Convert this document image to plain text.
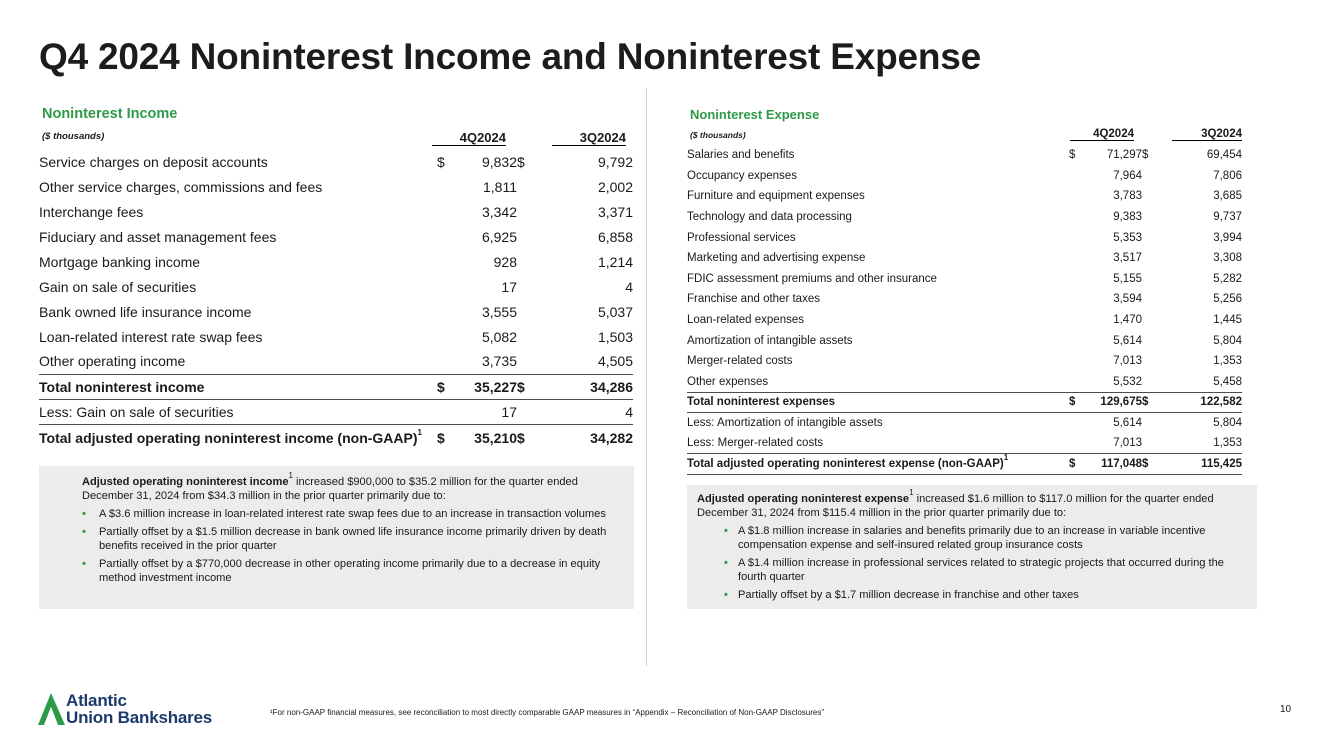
Q4 2024 Noninterest Income and Noninterest Expense
Noninterest Income
($ thousands)	4Q2024	3Q2024
Service charges on deposit accounts	$	9,832	$	9,792
Other service charges, commissions and fees		1,811		2,002
Interchange fees		3,342		3,371
Fiduciary and asset management fees		6,925		6,858
Mortgage banking income		928		1,214
Gain on sale of securities		17		4
Bank owned life insurance income		3,555		5,037
Loan-related interest rate swap fees		5,082		1,503
Other operating income		3,735		4,505
Total noninterest income	$	35,227	$	34,286
Less: Gain on sale of securities		17		4
Total adjusted operating noninterest income (non-GAAP)$^1$	$	35,210	$	34,282

Adjusted operating noninterest income$^1$ increased $900,000 to $35.2 million for the quarter ended December 31, 2024 from $34.3 million in the prior quarter primarily due to:

• A $3.6 million increase in loan-related interest rate swap fees due to an increase in transaction volumes
• Partially offset by a $1.5 million decrease in bank owned life insurance income primarily driven by death benefits received in the prior quarter
• Partially offset by a $770,000 decrease in other operating income primarily due to a decrease in equity method investment income
Noninterest Expense
($ thousands)	4Q2024	3Q2024
Salaries and benefits	$	71,297	$	69,454
Occupancy expenses		7,964		7,806
Furniture and equipment expenses		3,783		3,685
Technology and data processing		9,383		9,737
Professional services		5,353		3,994
Marketing and advertising expense		3,517		3,308
FDIC assessment premiums and other insurance		5,155		5,282
Franchise and other taxes		3,594		5,256
Loan-related expenses		1,470		1,445
Amortization of intangible assets		5,614		5,804
Merger-related costs		7,013		1,353
Other expenses		5,532		5,458
Total noninterest expenses	$	129,675	$	122,582
Less: Amortization of intangible assets		5,614		5,804
Less: Merger-related costs		7,013		1,353
Total adjusted operating noninterest expense (non-GAAP)$^1$	$	117,048	$	115,425

Adjusted operating noninterest expense$^1$ increased $1.6 million to $117.0 million for the quarter ended December 31, 2024 from $115.4 million in the prior quarter primarily due to:

• A $1.8 million increase in salaries and benefits primarily due to an increase in variable incentive compensation expense and self-insured related group insurance costs
• A $1.4 million increase in professional services related to strategic projects that occurred during the fourth quarter
• Partially offset by a $1.7 million decrease in franchise and other taxes
Atlantic
Union Bankshares	¹For non-GAAP financial measures, see reconciliation to most directly comparable GAAP measures in “Appendix – Reconciliation of Non-GAAP Disclosures”	10
